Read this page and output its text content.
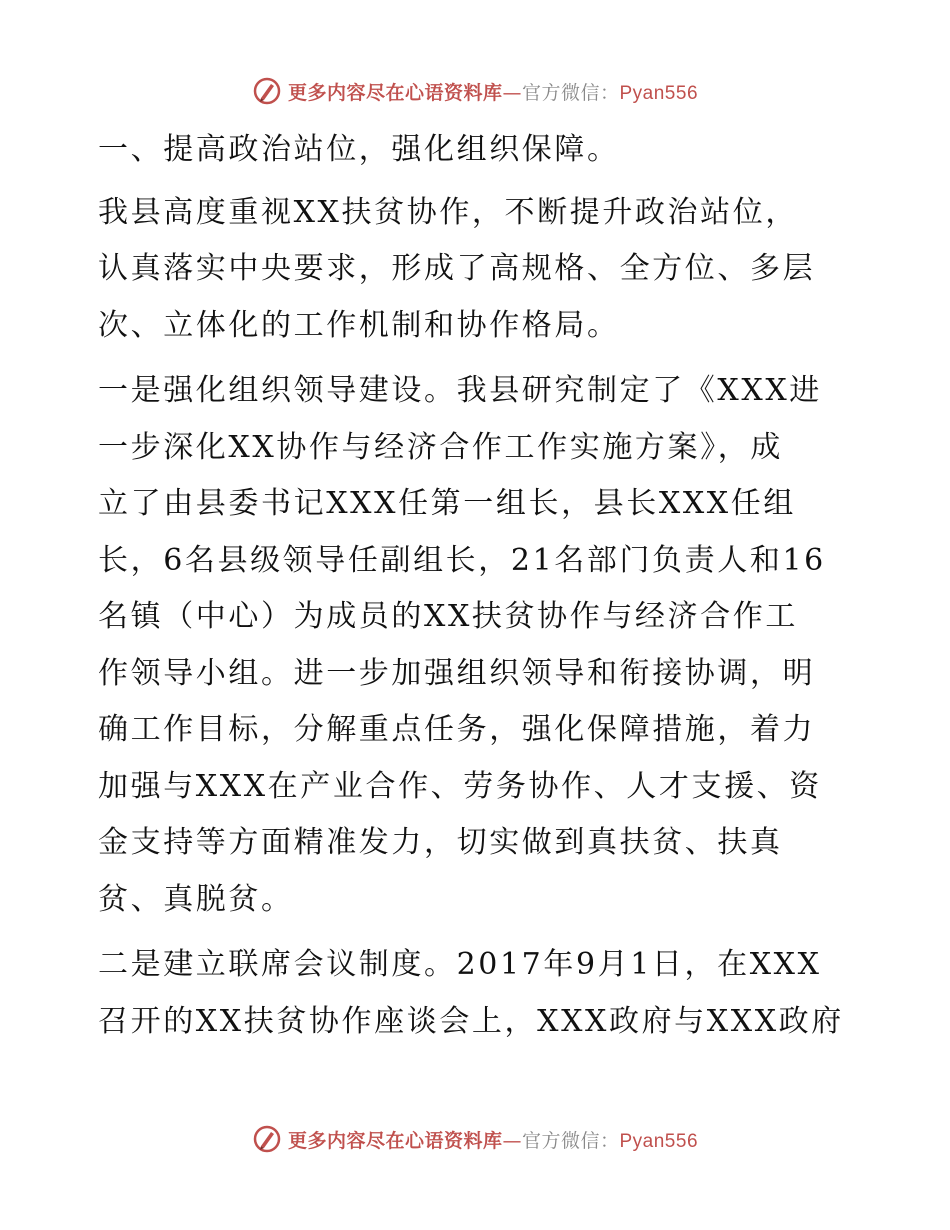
更多内容尽在心语资料库—官方微信：Pyan556

一、提高政治站位，强化组织保障。

我县高度重视XX扶贫协作，不断提升政治站位，
认真落实中央要求，形成了高规格、全方位、多层
次、立体化的工作机制和协作格局。

一是强化组织领导建设。我县研究制定了《XXX进
一步深化XX协作与经济合作工作实施方案》，成
立了由县委书记XXX任第一组长，县长XXX任组
长，6名县级领导任副组长，21名部门负责人和16
名镇（中心）为成员的XX扶贫协作与经济合作工
作领导小组。进一步加强组织领导和衔接协调，明
确工作目标，分解重点任务，强化保障措施，着力
加强与XXX在产业合作、劳务协作、人才支援、资
金支持等方面精准发力，切实做到真扶贫、扶真
贫、真脱贫。

二是建立联席会议制度。2017年9月1日，在XXX
召开的XX扶贫协作座谈会上，XXX政府与XXX政府

更多内容尽在心语资料库—官方微信：Pyan556
